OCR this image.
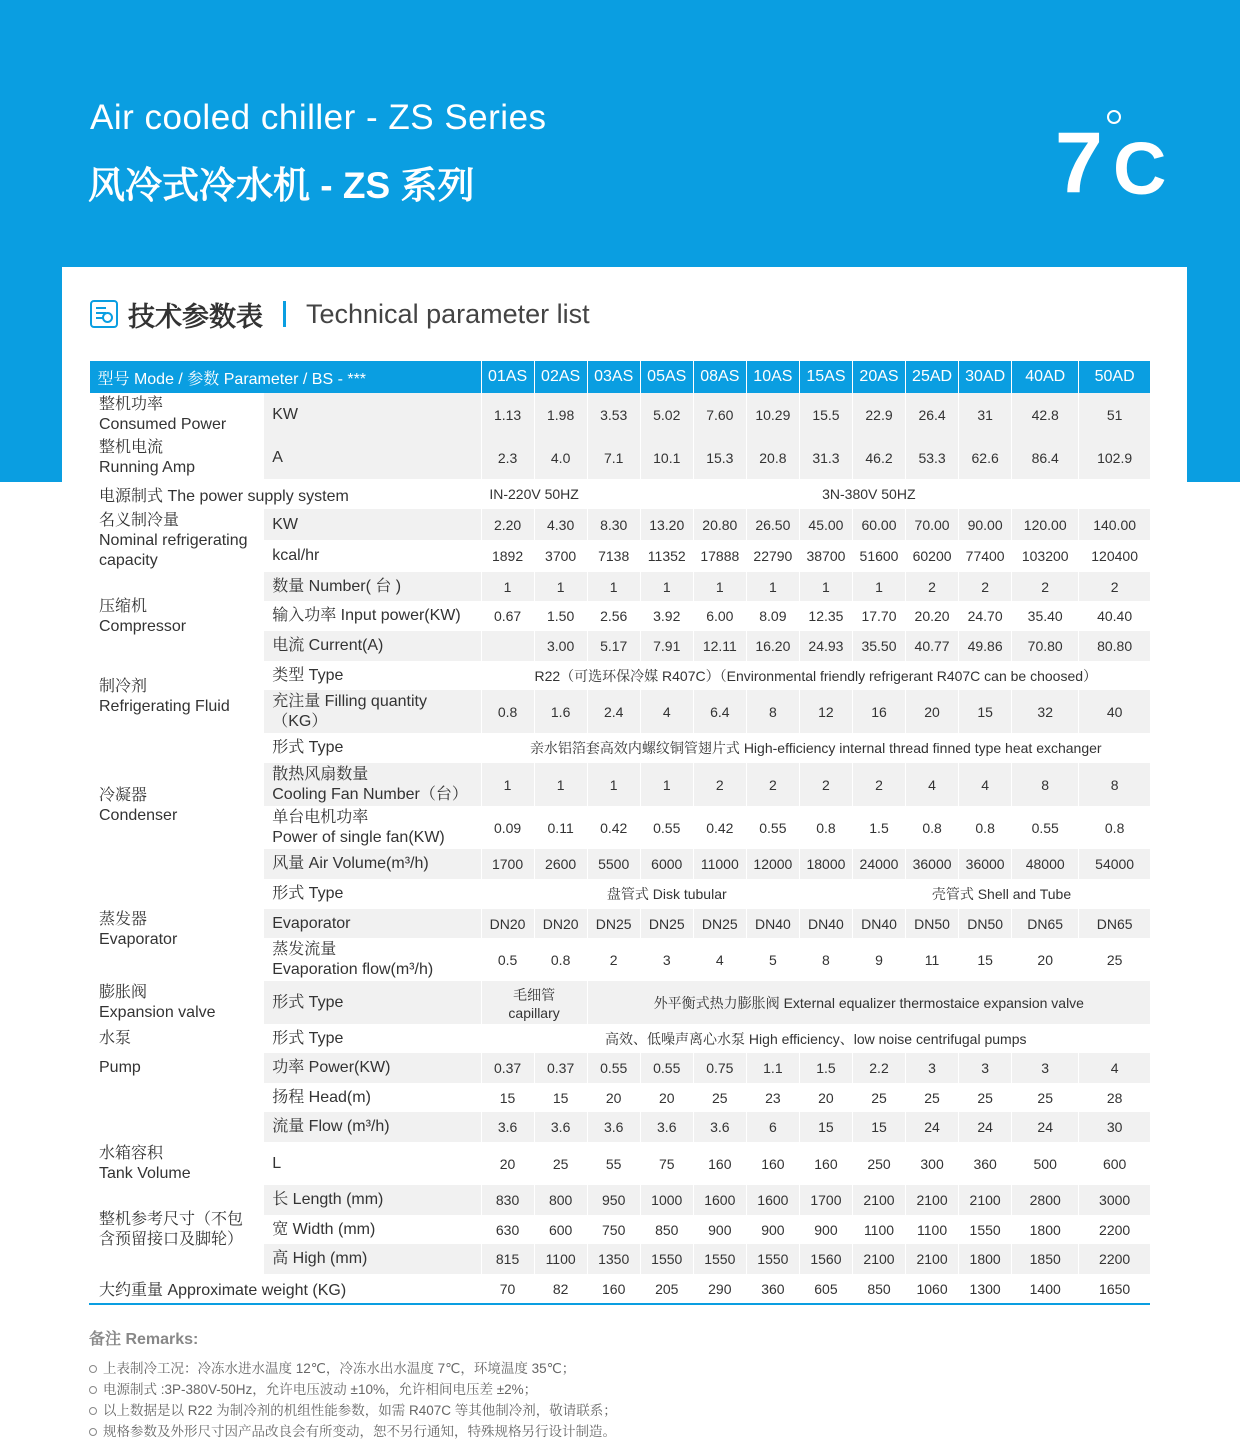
Air cooled chiller - ZS Series
风冷式冷水机 - ZS 系列	7 C
技术参数表 Technical parameter list
型号 Mode / 参数 Parameter / BS - ***		01AS	02AS	03AS	05AS	08AS	10AS	15AS	20AS	25AD	30AD	40AD	50AD
整机功率
Consumed Power	KW	1.13	1.98	3.53	5.02	7.60	10.29	15.5	22.9	26.4	31	42.8	51
整机电流
Running Amp	A	2.3	4.0	7.1	10.1	15.3	20.8	31.3	46.2	53.3	62.6	86.4	102.9
电源制式 The power supply system		IN-220V 50HZ		3N-380V 50HZ									
名义制冷量
Nominal refrigerating
capacity	KW	2.20	4.30	8.30	13.20	20.80	26.50	45.00	60.00	70.00	90.00	120.00	140.00
	kcal/hr	1892	3700	7138	11352	17888	22790	38700	51600	60200	77400	103200	120400
压缩机
Compressor	数量 Number( 台 )	1	1	1	1	1	1	1	1	2	2	2	2
	输入功率 Input power(KW)	0.67	1.50	2.56	3.92	6.00	8.09	12.35	17.70	20.20	24.70	35.40	40.40
	电流 Current(A)		3.00	5.17	7.91	12.11	16.20	24.93	35.50	40.77	49.86	70.80	80.80
制冷剂
Refrigerating Fluid	类型 Type	R22（可选环保冷媒 R407C）（Environmental friendly refrigerant R407C can be choosed）											
	充注量 Filling quantity
（KG）	0.8	1.6	2.4	4	6.4	8	12	16	20	15	32	40
冷凝器
Condenser	形式 Type	亲水铝箔套高效内螺纹铜管翅片式 High-efficiency internal thread finned type heat exchanger											
	散热风扇数量
Cooling Fan Number（台）	1	1	1	1	2	2	2	2	4	4	8	8
	单台电机功率
Power of single fan(KW)	0.09	0.11	0.42	0.55	0.42	0.55	0.8	1.5	0.8	0.8	0.55	0.8
	风量 Air Volume(m³/h)	1700	2600	5500	6000	11000	12000	18000	24000	36000	36000	48000	54000
蒸发器
Evaporator	形式 Type	盘管式 Disk tubular							壳管式 Shell and Tube				
	Evaporator	DN20	DN20	DN25	DN25	DN25	DN40	DN40	DN40	DN50	DN50	DN65	DN65
	蒸发流量
Evaporation flow(m³/h)	0.5	0.8	2	3	4	5	8	9	11	15	20	25
膨胀阀
Expansion valve	形式 Type	毛细管
capillary		外平衡式热力膨胀阀 External equalizer thermostaice expansion valve									
水泵	形式 Type	高效、低噪声离心水泵 High efficiency、low noise centrifugal pumps											
Pump	功率 Power(KW)	0.37	0.37	0.55	0.55	0.75	1.1	1.5	2.2	3	3	3	4
	扬程 Head(m)	15	15	20	20	25	23	20	25	25	25	25	28
	流量 Flow (m³/h)	3.6	3.6	3.6	3.6	3.6	6	15	15	24	24	24	30
水箱容积
Tank Volume	L	20	25	55	75	160	160	160	250	300	360	500	600
整机参考尺寸（不包
含预留接口及脚轮）	长 Length (mm)	830	800	950	1000	1600	1600	1700	2100	2100	2100	2800	3000
	宽 Width (mm)	630	600	750	850	900	900	900	1100	1100	1550	1800	2200
	高 High (mm)	815	1100	1350	1550	1550	1550	1560	2100	2100	1800	1850	2200
大约重量 Approximate weight (KG)		70	82	160	205	290	360	605	850	1060	1300	1400	1650
备注 Remarks:
上表制冷工况：冷冻水进水温度 12℃，冷冻水出水温度 7℃，环境温度 35℃；
电源制式 :3P-380V-50Hz，允许电压波动 ±10%，允许相间电压差 ±2%；
以上数据是以 R22 为制冷剂的机组性能参数，如需 R407C 等其他制冷剂，敬请联系；
规格参数及外形尺寸因产品改良会有所变动，恕不另行通知，特殊规格另行设计制造。
